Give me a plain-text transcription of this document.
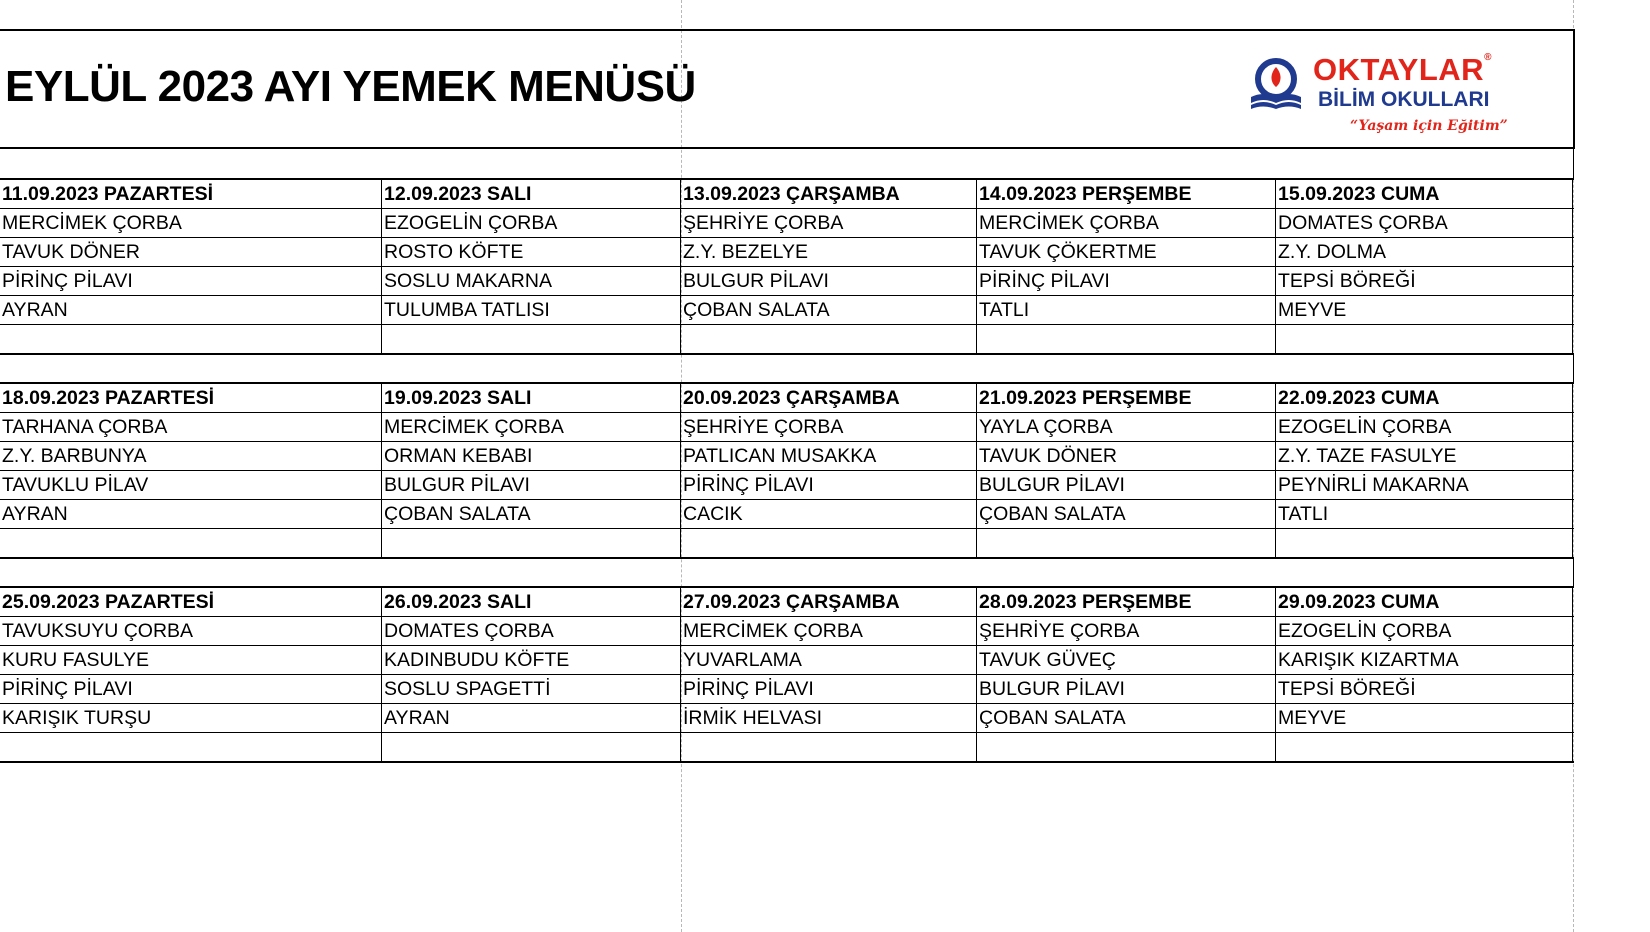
EYLÜL 2023 AYI YEMEK MENÜSÜ	OKTAYLAR®
BİLİM OKULLARI
“Yaşam için Eğitim”
11.09.2023 PAZARTESİ	12.09.2023 SALI	13.09.2023 ÇARŞAMBA	14.09.2023 PERŞEMBE	15.09.2023 CUMA
MERCİMEK ÇORBA	EZOGELİN ÇORBA	ŞEHRİYE ÇORBA	MERCİMEK ÇORBA	DOMATES ÇORBA
TAVUK DÖNER	ROSTO KÖFTE	Z.Y. BEZELYE	TAVUK ÇÖKERTME	Z.Y. DOLMA
PİRİNÇ PİLAVI	SOSLU MAKARNA	BULGUR PİLAVI	PİRİNÇ PİLAVI	TEPSİ BÖREĞİ
AYRAN	TULUMBA TATLISI	ÇOBAN SALATA	TATLI	MEYVE
18.09.2023 PAZARTESİ	19.09.2023 SALI	20.09.2023 ÇARŞAMBA	21.09.2023 PERŞEMBE	22.09.2023 CUMA
TARHANA ÇORBA	MERCİMEK ÇORBA	ŞEHRİYE ÇORBA	YAYLA ÇORBA	EZOGELİN ÇORBA
Z.Y. BARBUNYA	ORMAN KEBABI	PATLICAN MUSAKKA	TAVUK DÖNER	Z.Y. TAZE FASULYE
TAVUKLU PİLAV	BULGUR PİLAVI	PİRİNÇ PİLAVI	BULGUR PİLAVI	PEYNİRLİ MAKARNA
AYRAN	ÇOBAN SALATA	CACIK	ÇOBAN SALATA	TATLI
25.09.2023 PAZARTESİ	26.09.2023 SALI	27.09.2023 ÇARŞAMBA	28.09.2023 PERŞEMBE	29.09.2023 CUMA
TAVUKSUYU ÇORBA	DOMATES ÇORBA	MERCİMEK ÇORBA	ŞEHRİYE ÇORBA	EZOGELİN ÇORBA
KURU FASULYE	KADINBUDU KÖFTE	YUVARLAMA	TAVUK GÜVEÇ	KARIŞIK KIZARTMA
PİRİNÇ PİLAVI	SOSLU SPAGETTİ	PİRİNÇ PİLAVI	BULGUR PİLAVI	TEPSİ BÖREĞİ
KARIŞIK TURŞU	AYRAN	İRMİK HELVASI	ÇOBAN SALATA	MEYVE
